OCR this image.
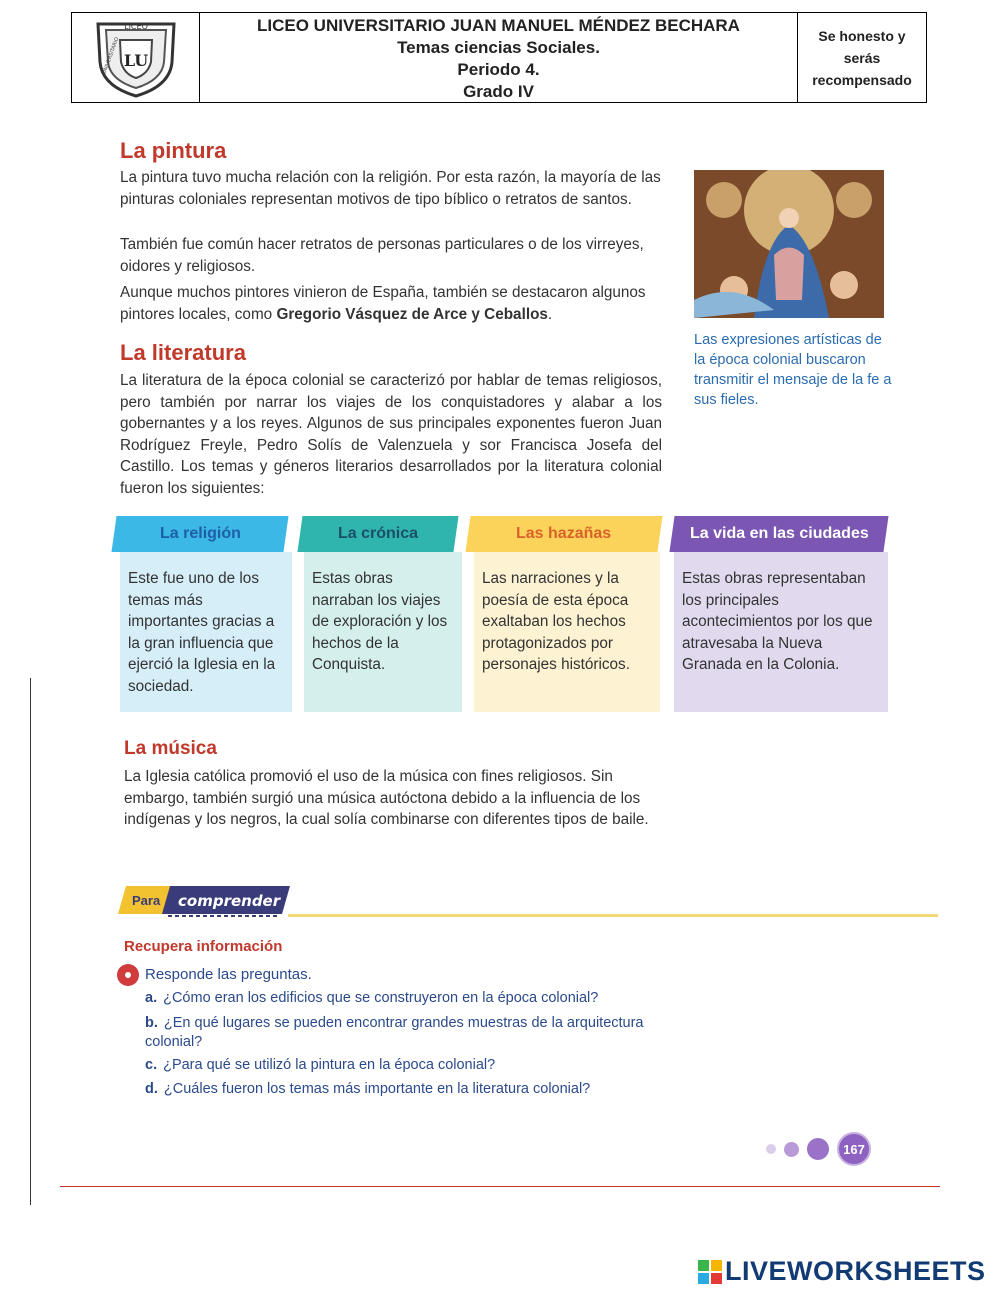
LU
LICEO
UNIVERSITARIO
LICEO UNIVERSITARIO JUAN MANUEL MÉNDEZ BECHARA
Temas ciencias Sociales.
Periodo 4.
Grado IV
Se honesto y serás recompensado
La pintura

La pintura tuvo mucha relación con la religión. Por esta razón, la mayoría de las pinturas coloniales representan motivos de tipo bíblico o retratos de santos.

También fue común hacer retratos de personas particulares o de los virreyes, oidores y religiosos.

Aunque muchos pintores vinieron de España, también se destacaron algunos pintores locales, como Gregorio Vásquez de Arce y Ceballos.

Las expresiones artísticas de la época colonial buscaron transmitir el mensaje de la fe a sus fieles.

La literatura

La literatura de la época colonial se caracterizó por hablar de temas religiosos, pero también por narrar los viajes de los conquistadores y alabar a los gobernantes y a los reyes. Algunos de sus principales exponentes fueron Juan Rodríguez Freyle, Pedro Solís de Valenzuela y sor Francisca Josefa del Castillo. Los temas y géneros literarios desarrollados por la literatura colonial fueron los siguientes:

La religión	La crónica	Las hazañas	La vida en las ciudades
Este fue uno de los temas más importantes gracias a la gran influencia que ejerció la Iglesia en la sociedad.
Estas obras narraban los viajes de exploración y los hechos de la Conquista.
Las narraciones y la poesía de esta época exaltaban los hechos protagonizados por personajes históricos.
Estas obras representaban los principales acontecimientos por los que atravesaba la Nueva Granada en la Colonia.
La música

La Iglesia católica promovió el uso de la música con fines religiosos. Sin embargo, también surgió una música autóctona debido a la influencia de los indígenas y los negros, la cual solía combinarse con diferentes tipos de baile.

Para comprender
Recupera información

Responde las preguntas.

a. ¿Cómo eran los edificios que se construyeron en la época colonial?

b. ¿En qué lugares se pueden encontrar grandes muestras de la arquitectura colonial?

c. ¿Para qué se utilizó la pintura en la época colonial?

d. ¿Cuáles fueron los temas más importante en la literatura colonial?

167
LIVEWORKSHEETS
